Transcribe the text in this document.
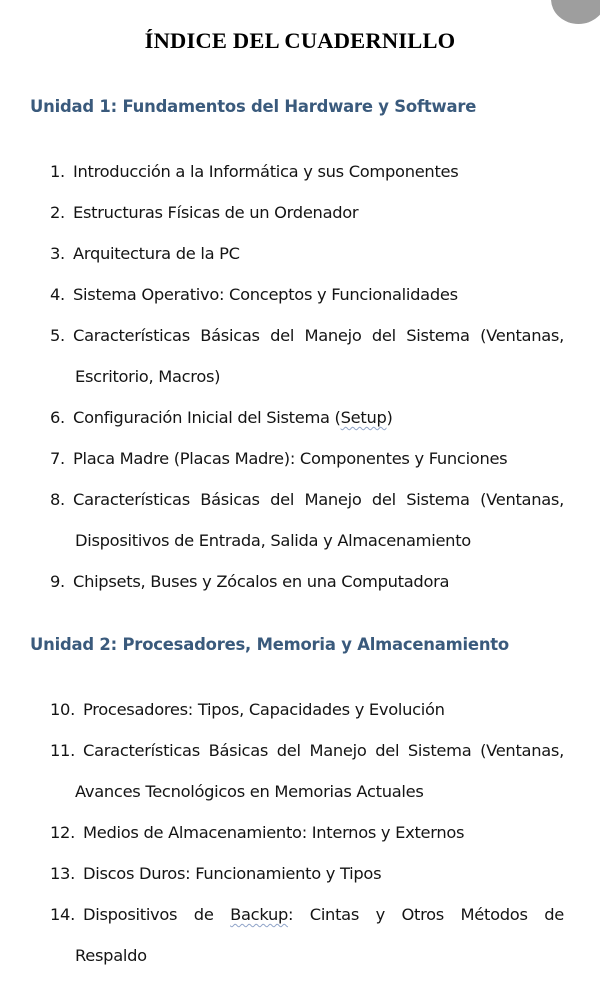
ÍNDICE DEL CUADERNILLO
Unidad 1: Fundamentos del Hardware y Software
1. Introducción a la Informática y sus Componentes
2. Estructuras Físicas de un Ordenador
3. Arquitectura de la PC
4. Sistema Operativo: Conceptos y Funcionalidades
5. Características Básicas del Manejo del Sistema (Ventanas,
Escritorio, Macros)
6. Configuración Inicial del Sistema (Setup)
7. Placa Madre (Placas Madre): Componentes y Funciones
8. Características Básicas del Manejo del Sistema (Ventanas,
Dispositivos de Entrada, Salida y Almacenamiento
9. Chipsets, Buses y Zócalos en una Computadora
Unidad 2: Procesadores, Memoria y Almacenamiento
10. Procesadores: Tipos, Capacidades y Evolución
11. Características Básicas del Manejo del Sistema (Ventanas,
Avances Tecnológicos en Memorias Actuales
12. Medios de Almacenamiento: Internos y Externos
13. Discos Duros: Funcionamiento y Tipos
14. Dispositivos de Backup: Cintas y Otros Métodos de
Respaldo
